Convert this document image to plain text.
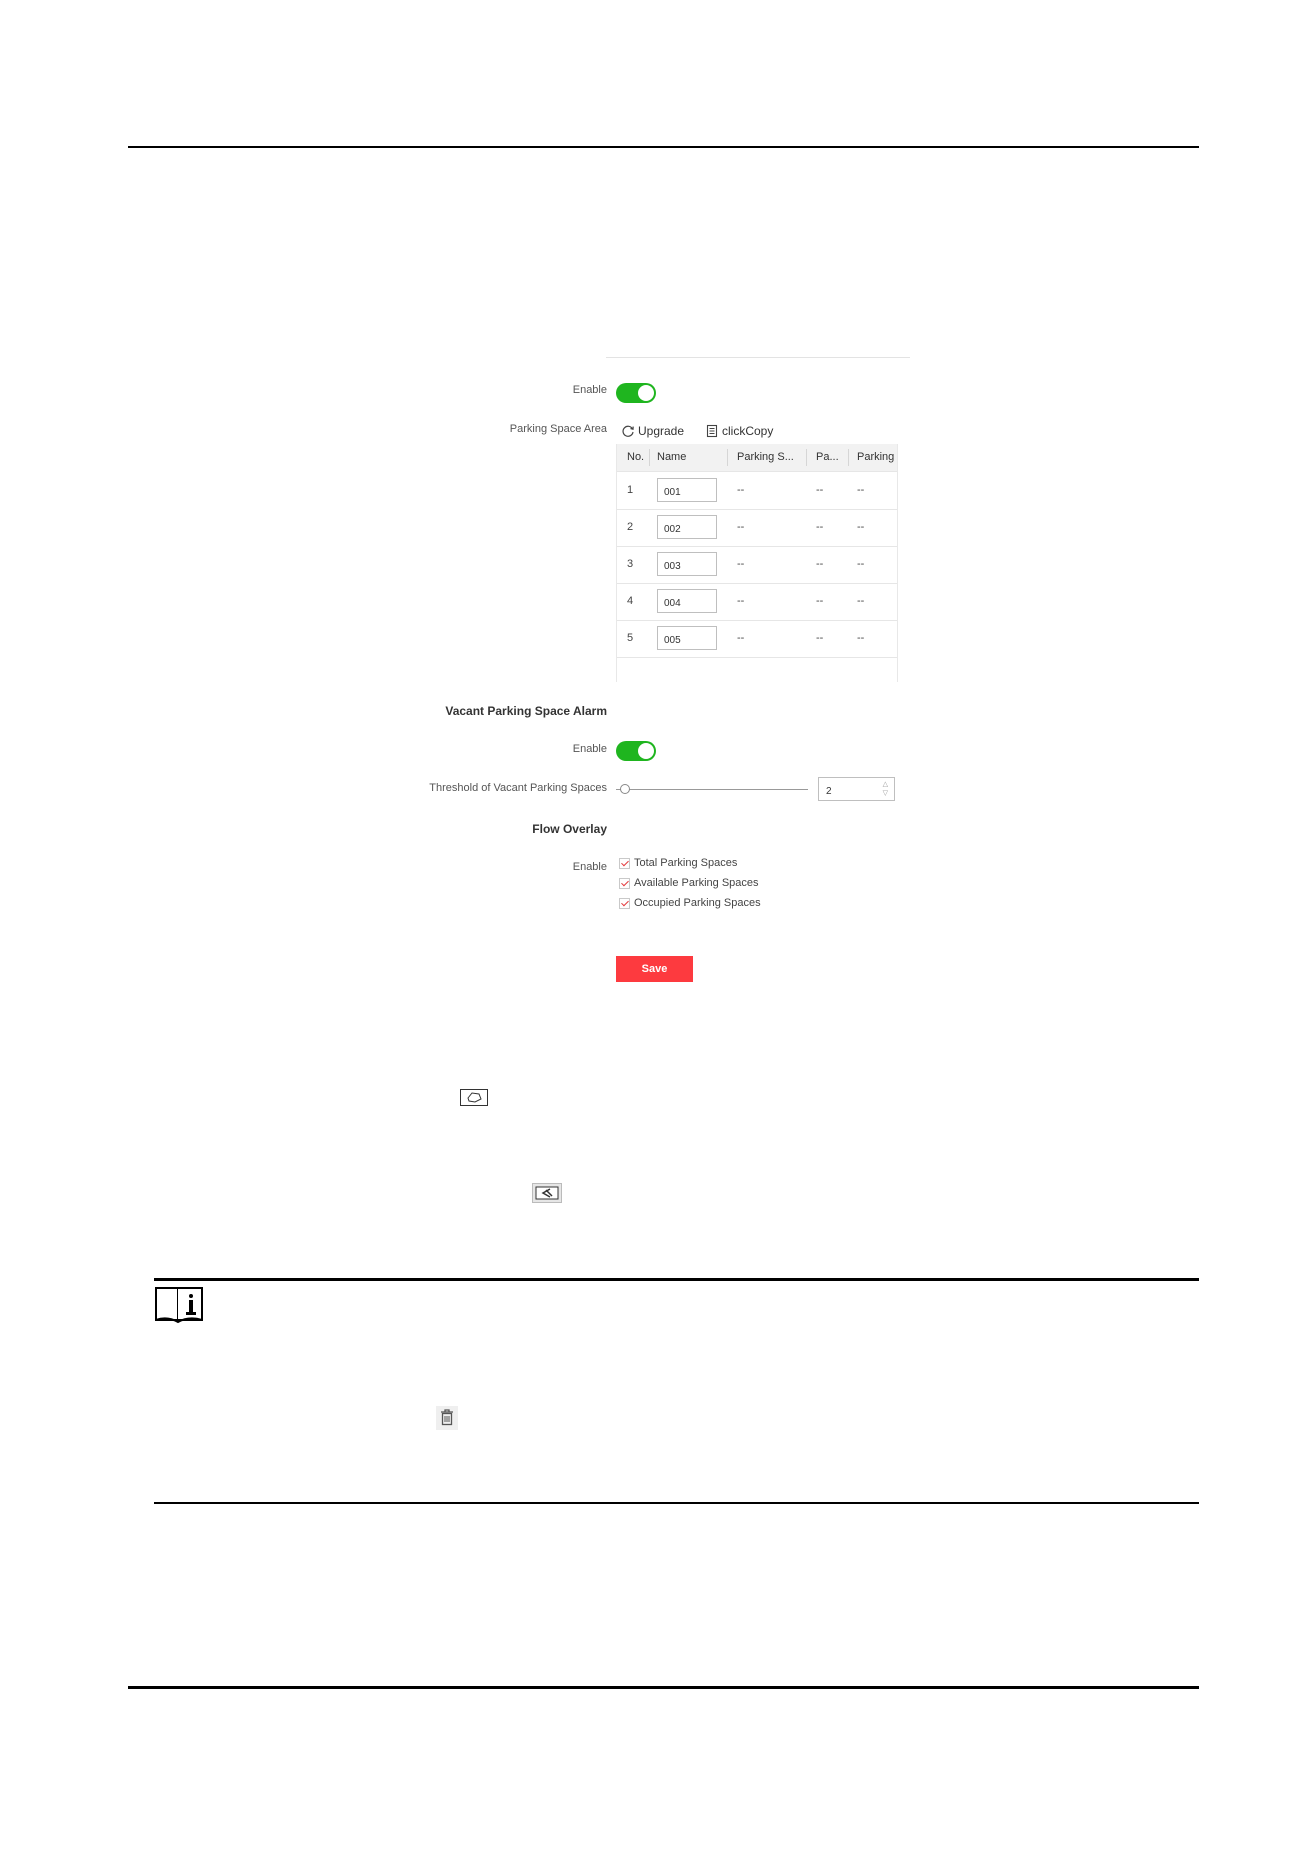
Enable
Parking Space Area	Upgrade	clickCopy
No.	Name	Parking S...	Pa...	Parking
1	001	--	--	--
2	002	--	--	--
3	003	--	--	--
4	004	--	--	--
5	005	--	--	--
Vacant Parking Space Alarm
Enable
Threshold of Vacant Parking Spaces	2
△
▽
Flow Overlay
Enable Total Parking Spaces
Available Parking Spaces
Occupied Parking Spaces
Save
